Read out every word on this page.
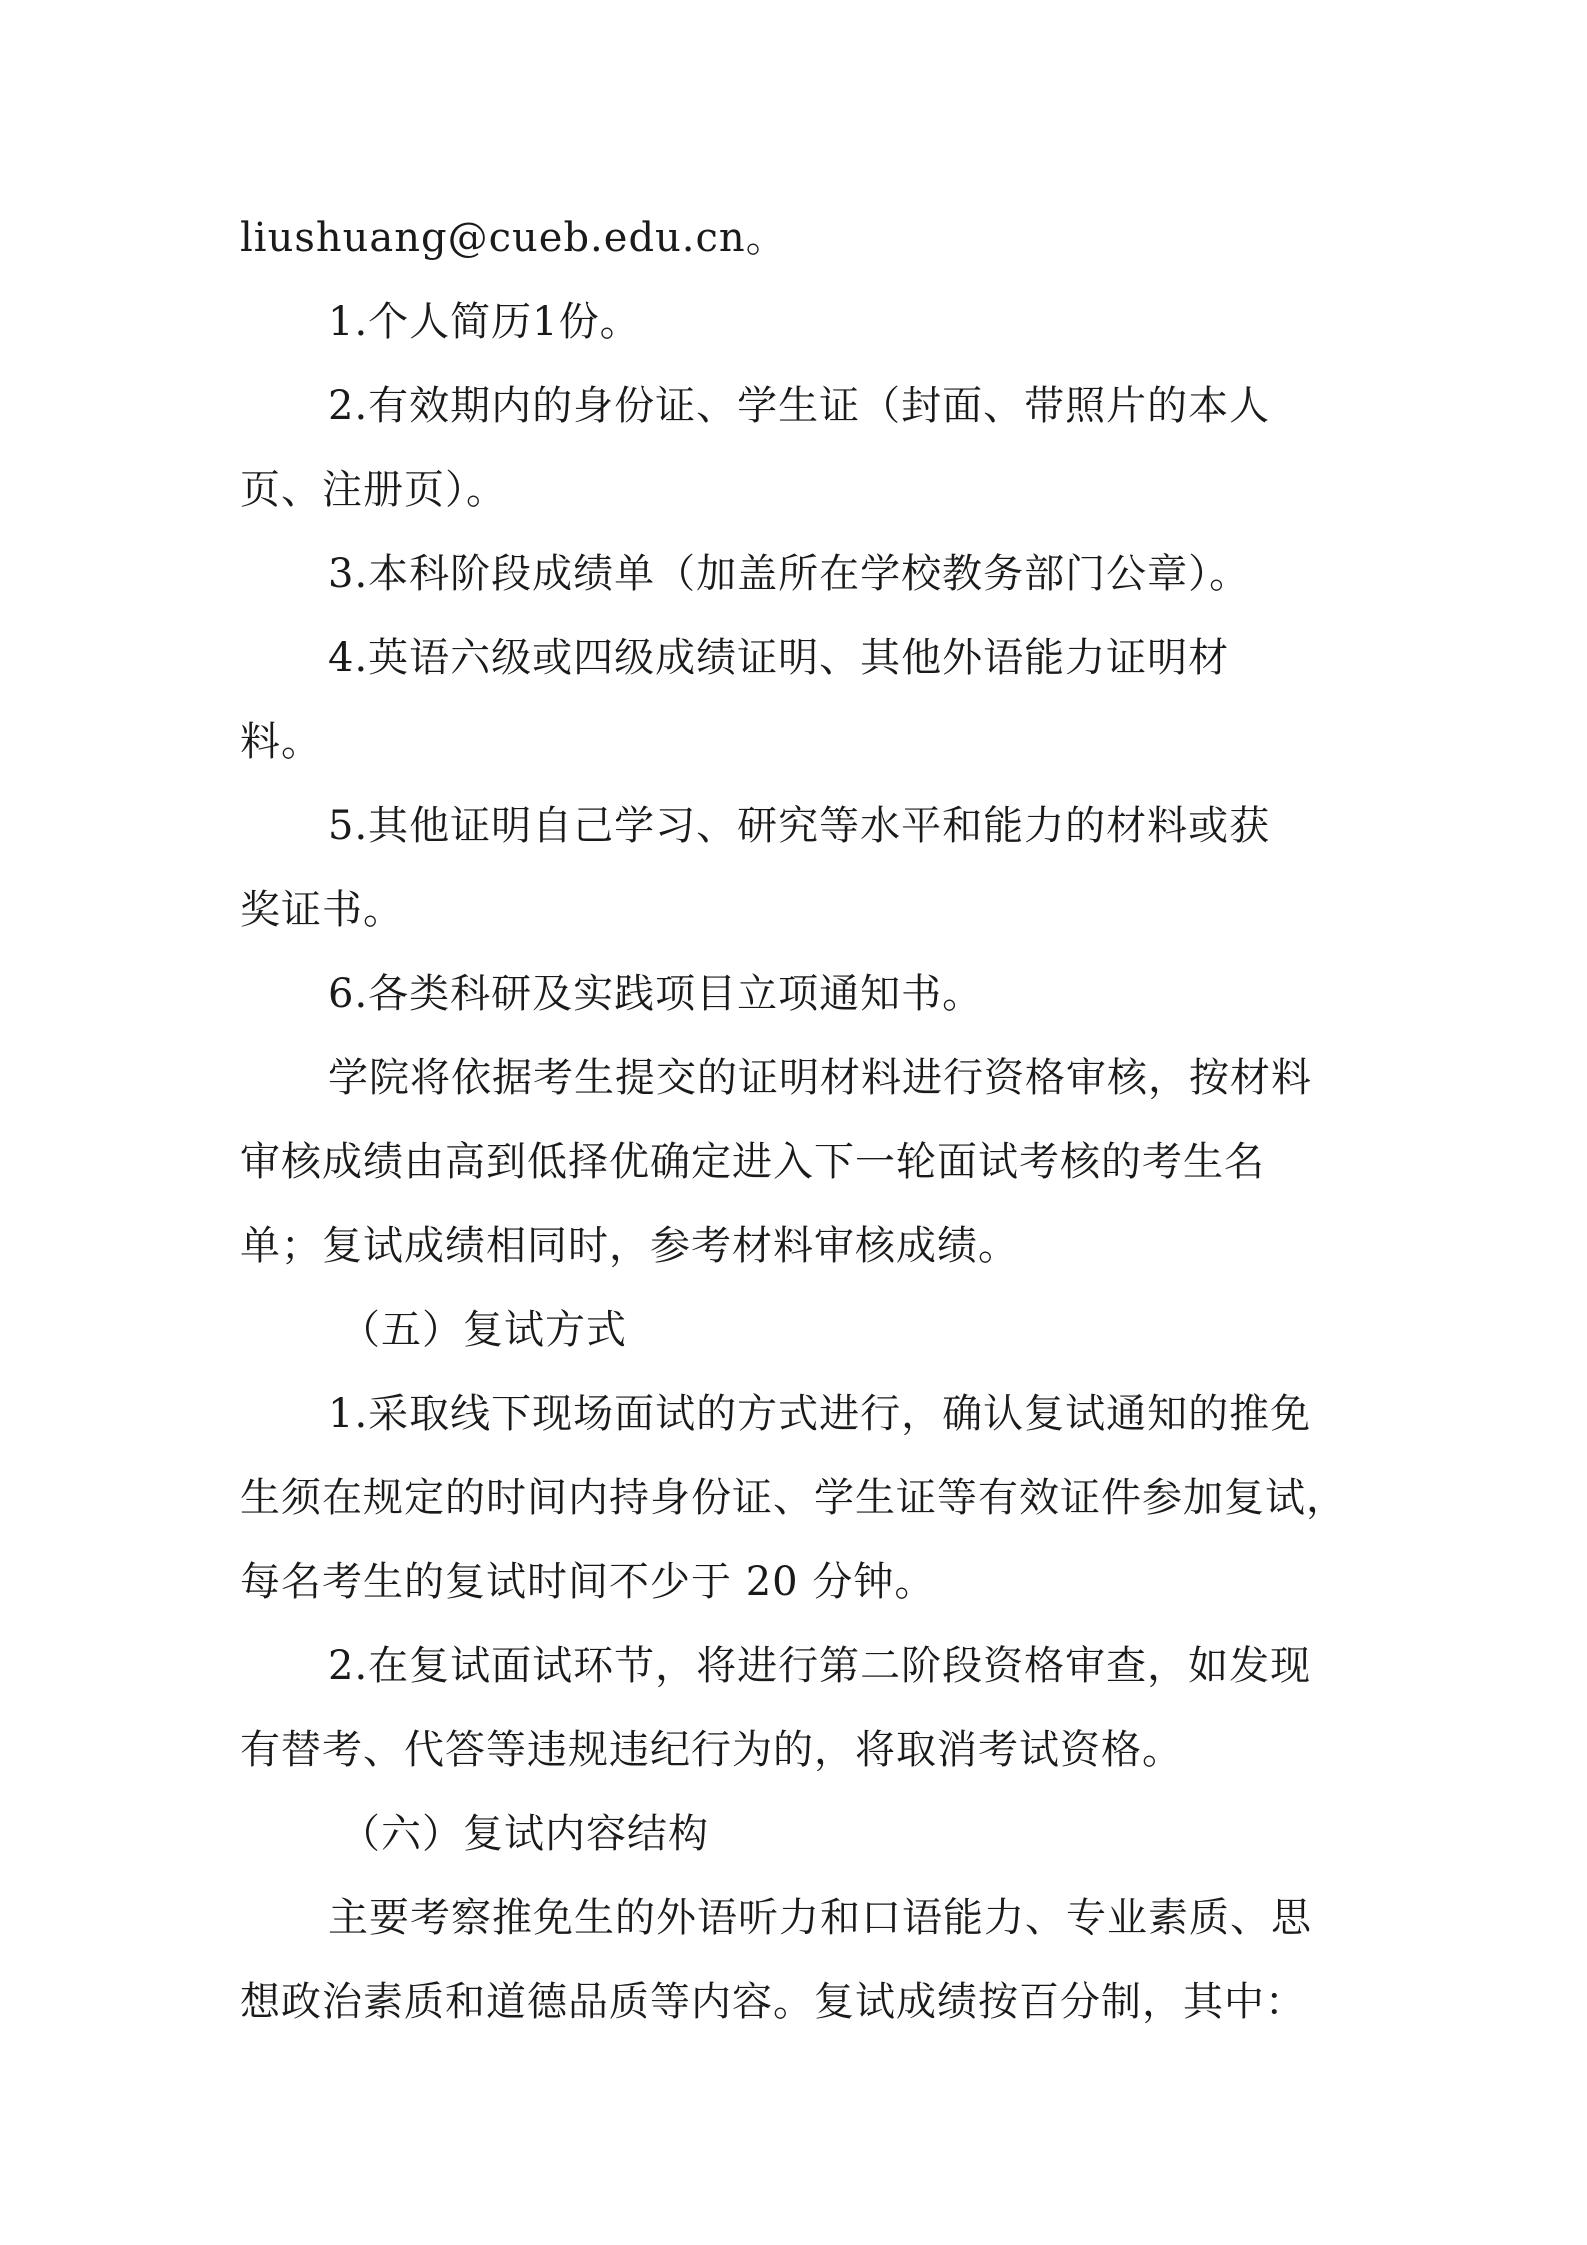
liushuang@cueb.edu.cn。
1.个人简历1份。
2.有效期内的身份证、学生证（封面、带照片的本人
页、注册页）。
3.本科阶段成绩单（加盖所在学校教务部门公章）。
4.英语六级或四级成绩证明、其他外语能力证明材
料。
5.其他证明自己学习、研究等水平和能力的材料或获
奖证书。
6.各类科研及实践项目立项通知书。
学院将依据考生提交的证明材料进行资格审核，按材料
审核成绩由高到低择优确定进入下一轮面试考核的考生名
单；复试成绩相同时，参考材料审核成绩。
（五）复试方式
1.采取线下现场面试的方式进行，确认复试通知的推免
生须在规定的时间内持身份证、学生证等有效证件参加复试，
每名考生的复试时间不少于 20 分钟。
2.在复试面试环节，将进行第二阶段资格审查，如发现
有替考、代答等违规违纪行为的，将取消考试资格。
（六）复试内容结构
主要考察推免生的外语听力和口语能力、专业素质、思
想政治素质和道德品质等内容。复试成绩按百分制，其中：
